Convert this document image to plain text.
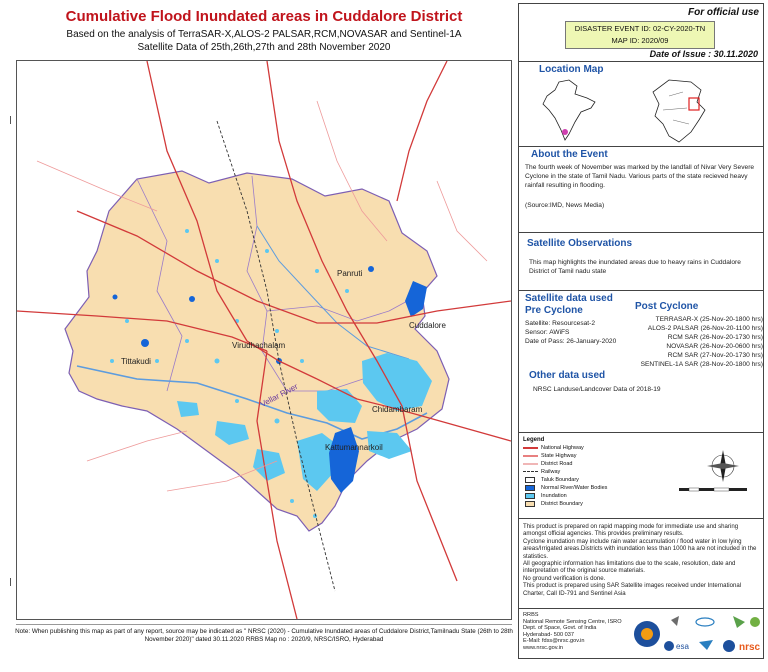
Cumulative Flood Inundated areas in Cuddalore District
Based on the analysis of TerraSAR-X,ALOS-2 PALSAR,RCM,NOVASAR and Sentinel-1A
Satellite Data of 25th,26th,27th and 28th November 2020
Panruti
Cuddalore
Virudhachalam
Tittakudi
Chidambaram
Kattumannarkoil
Vellar River
Note: When publishing this map as part of any report, source may be indicated as " NRSC (2020) - Cumulative Inundated areas of Cuddalore District,Tamilnadu State (26th to 28th November 2020)" dated 30.11.2020 RRBS Map no : 2020/9, NRSC/ISRO, Hyderabad
For official use
DISASTER EVENT ID: 02-CY-2020-TN
MAP ID: 2020/09
Date of Issue : 30.11.2020
Location Map
About the Event
The fourth week of November was marked by the landfall of Nivar Very Severe Cyclone in the state of Tamil Nadu. Various parts of the state recieved heavy rainfall resulting in flooding.
(Source:IMD, News Media)
Satellite Observations
This map highlights the inundated areas due to heavy rains in Cuddalore District of Tamil nadu state
Satellite data used
Pre Cyclone
Satellite: Resourcesat-2
Sensor: AWiFS
Date of Pass: 26-January-2020
Post Cyclone
TERRASAR-X (25-Nov-20-1800 hrs)
ALOS-2 PALSAR (26-Nov-20-1100 hrs)
RCM SAR (26-Nov-20-1730 hrs)
NOVASAR (26-Nov-20-0600 hrs)
RCM SAR (27-Nov-20-1730 hrs)
SENTINEL-1A SAR (28-Nov-20-1800 hrs)
Other data used
NRSC Landuse/Landcover Data of 2018-19
Legend
National Highway
State Highway
District Road
Railway
Taluk Boundary
Normal River/Water Bodies
Inundation
District Boundary
This product is prepared on rapid mapping mode for immediate use and sharing amongst official agencies. This provides preliminary results.
Cyclone inundation may include rain water accumulation / flood water in low lying areas/Irrigated areas.Districts with inundation less than 1000 ha are not included in the statistics.
All geographic information has limitations due to the scale, resolution, date and interpretation of the original source materials.
No ground verification is done.
This product is prepared using SAR Satellite images received under International Charter, Call ID-791 and Sentinel Asia
RRBS
National Remote Sensing Centre, ISRO
Dept. of Space, Govt. of India
Hyderabad- 500 037
E-Mail: fdss@nrsc.gov.in
www.nrsc.gov.in	esa	nrsc
